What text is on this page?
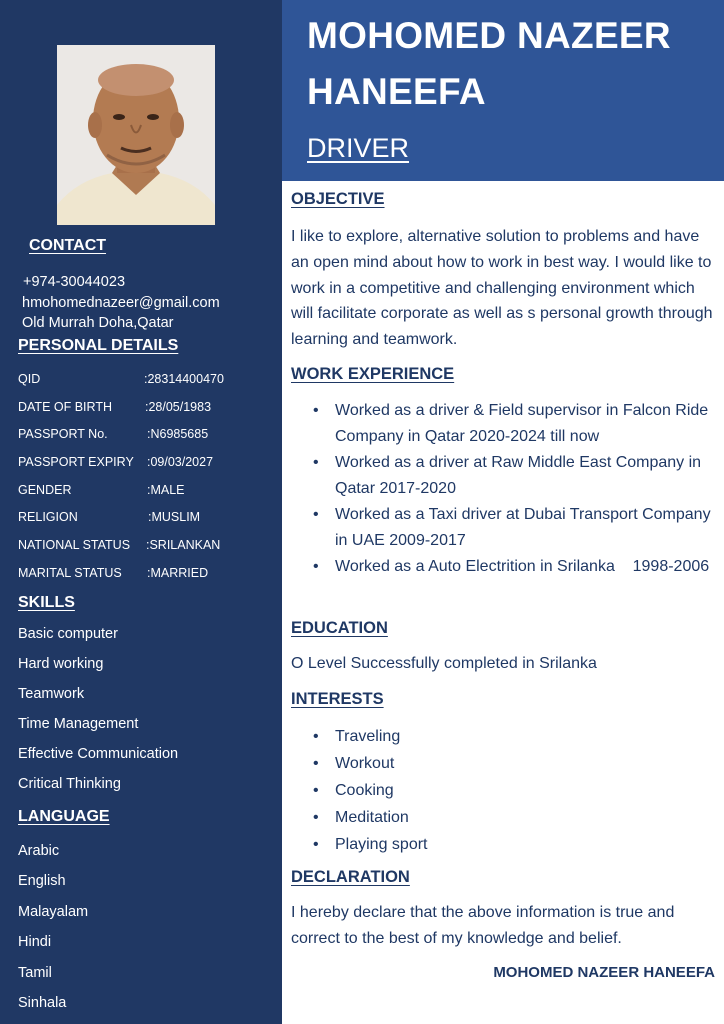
CONTACT
+974-30044023
hmohomednazeer@gmail.com
Old Murrah Doha,Qatar
PERSONAL DETAILS
QID	:28314400470
DATE OF BIRTH	:28/05/1983
PASSPORT No.	:N6985685
PASSPORT EXPIRY :09/03/2027
GENDER	:MALE
RELIGION	:MUSLIM
NATIONAL STATUS :SRILANKAN
MARITAL STATUS :MARRIED
SKILLS
Basic computer
Hard working
Teamwork
Time Management
Effective Communication
Critical Thinking
LANGUAGE
Arabic
English
Malayalam
Hindi
Tamil
Sinhala
MOHOMED NAZEER HANEEFA
DRIVER
OBJECTIVE
I like to explore, alternative solution to problems and have an open mind about how to work in best way. I would like to work in a competitive and challenging environment which will facilitate corporate as well as s personal growth through learning and teamwork.
WORK EXPERIENCE
• Worked as a driver & Field supervisor in Falcon Ride Company in Qatar 2020-2024 till now
• Worked as a driver at Raw Middle East Company in Qatar 2017-2020
• Worked as a Taxi driver at Dubai Transport Company in UAE 2009-2017
• Worked as a Auto Electrition in Srilanka    1998-2006
EDUCATION
O Level Successfully completed in Srilanka
INTERESTS
• Traveling
• Workout
• Cooking
• Meditation
• Playing sport
DECLARATION
I hereby declare that the above information is true and correct to the best of my knowledge and belief.
MOHOMED NAZEER HANEEFA
